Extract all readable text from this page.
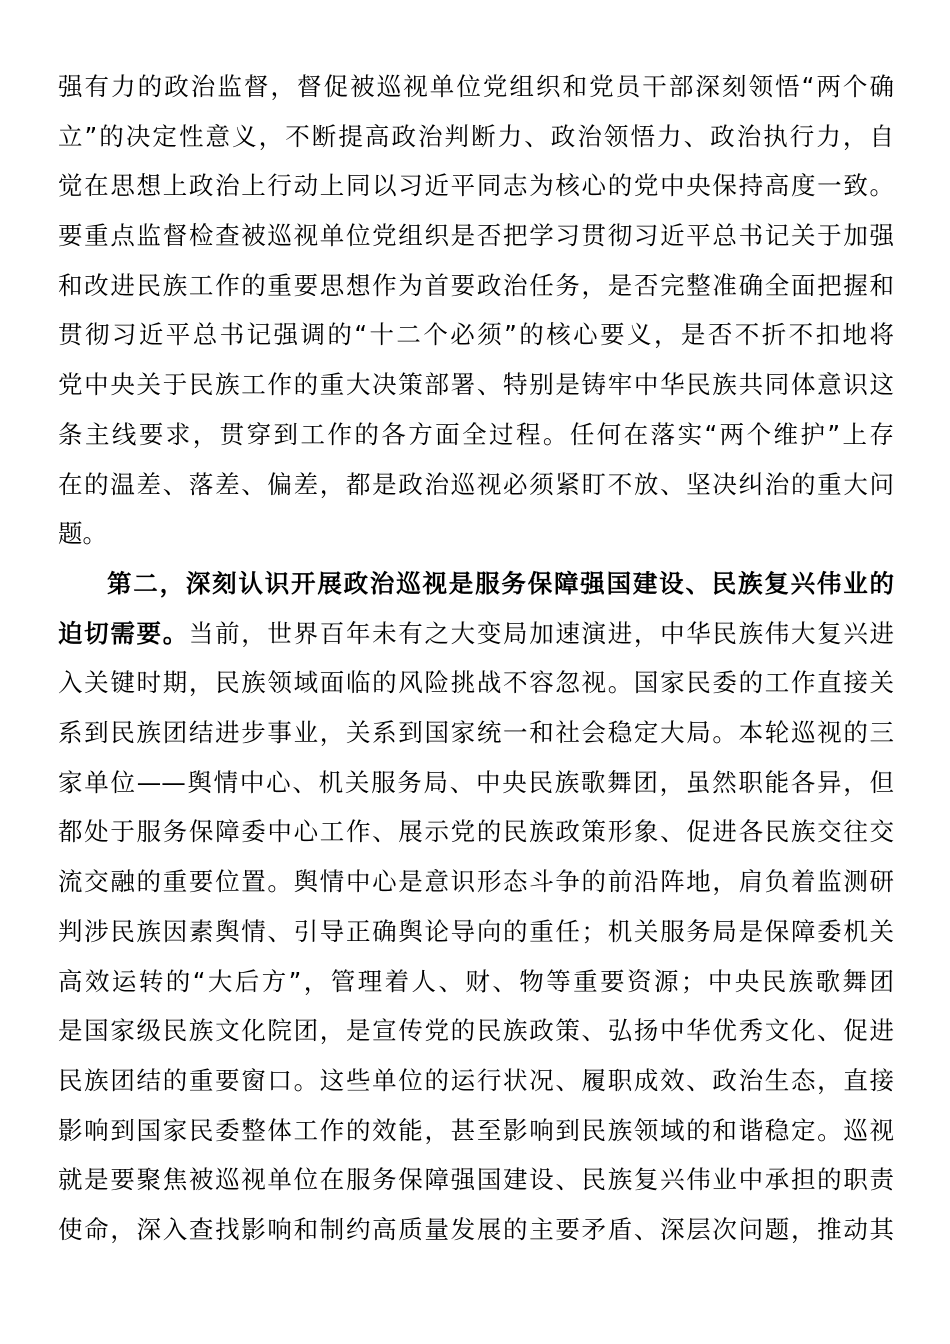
强有力的政治监督，督促被巡视单位党组织和党员干部深刻领悟“两个确
立”的决定性意义，不断提高政治判断力、政治领悟力、政治执行力，自
觉在思想上政治上行动上同以习近平同志为核心的党中央保持高度一致。
要重点监督检查被巡视单位党组织是否把学习贯彻习近平总书记关于加强
和改进民族工作的重要思想作为首要政治任务，是否完整准确全面把握和
贯彻习近平总书记强调的“十二个必须”的核心要义，是否不折不扣地将
党中央关于民族工作的重大决策部署、特别是铸牢中华民族共同体意识这
条主线要求，贯穿到工作的各方面全过程。任何在落实“两个维护”上存
在的温差、落差、偏差，都是政治巡视必须紧盯不放、坚决纠治的重大问
题。
第二，深刻认识开展政治巡视是服务保障强国建设、民族复兴伟业的
迫切需要。当前，世界百年未有之大变局加速演进，中华民族伟大复兴进
入关键时期，民族领域面临的风险挑战不容忽视。国家民委的工作直接关
系到民族团结进步事业，关系到国家统一和社会稳定大局。本轮巡视的三
家单位——舆情中心、机关服务局、中央民族歌舞团，虽然职能各异，但
都处于服务保障委中心工作、展示党的民族政策形象、促进各民族交往交
流交融的重要位置。舆情中心是意识形态斗争的前沿阵地，肩负着监测研
判涉民族因素舆情、引导正确舆论导向的重任；机关服务局是保障委机关
高效运转的“大后方”，管理着人、财、物等重要资源；中央民族歌舞团
是国家级民族文化院团，是宣传党的民族政策、弘扬中华优秀文化、促进
民族团结的重要窗口。这些单位的运行状况、履职成效、政治生态，直接
影响到国家民委整体工作的效能，甚至影响到民族领域的和谐稳定。巡视
就是要聚焦被巡视单位在服务保障强国建设、民族复兴伟业中承担的职责
使命，深入查找影响和制约高质量发展的主要矛盾、深层次问题，推动其
